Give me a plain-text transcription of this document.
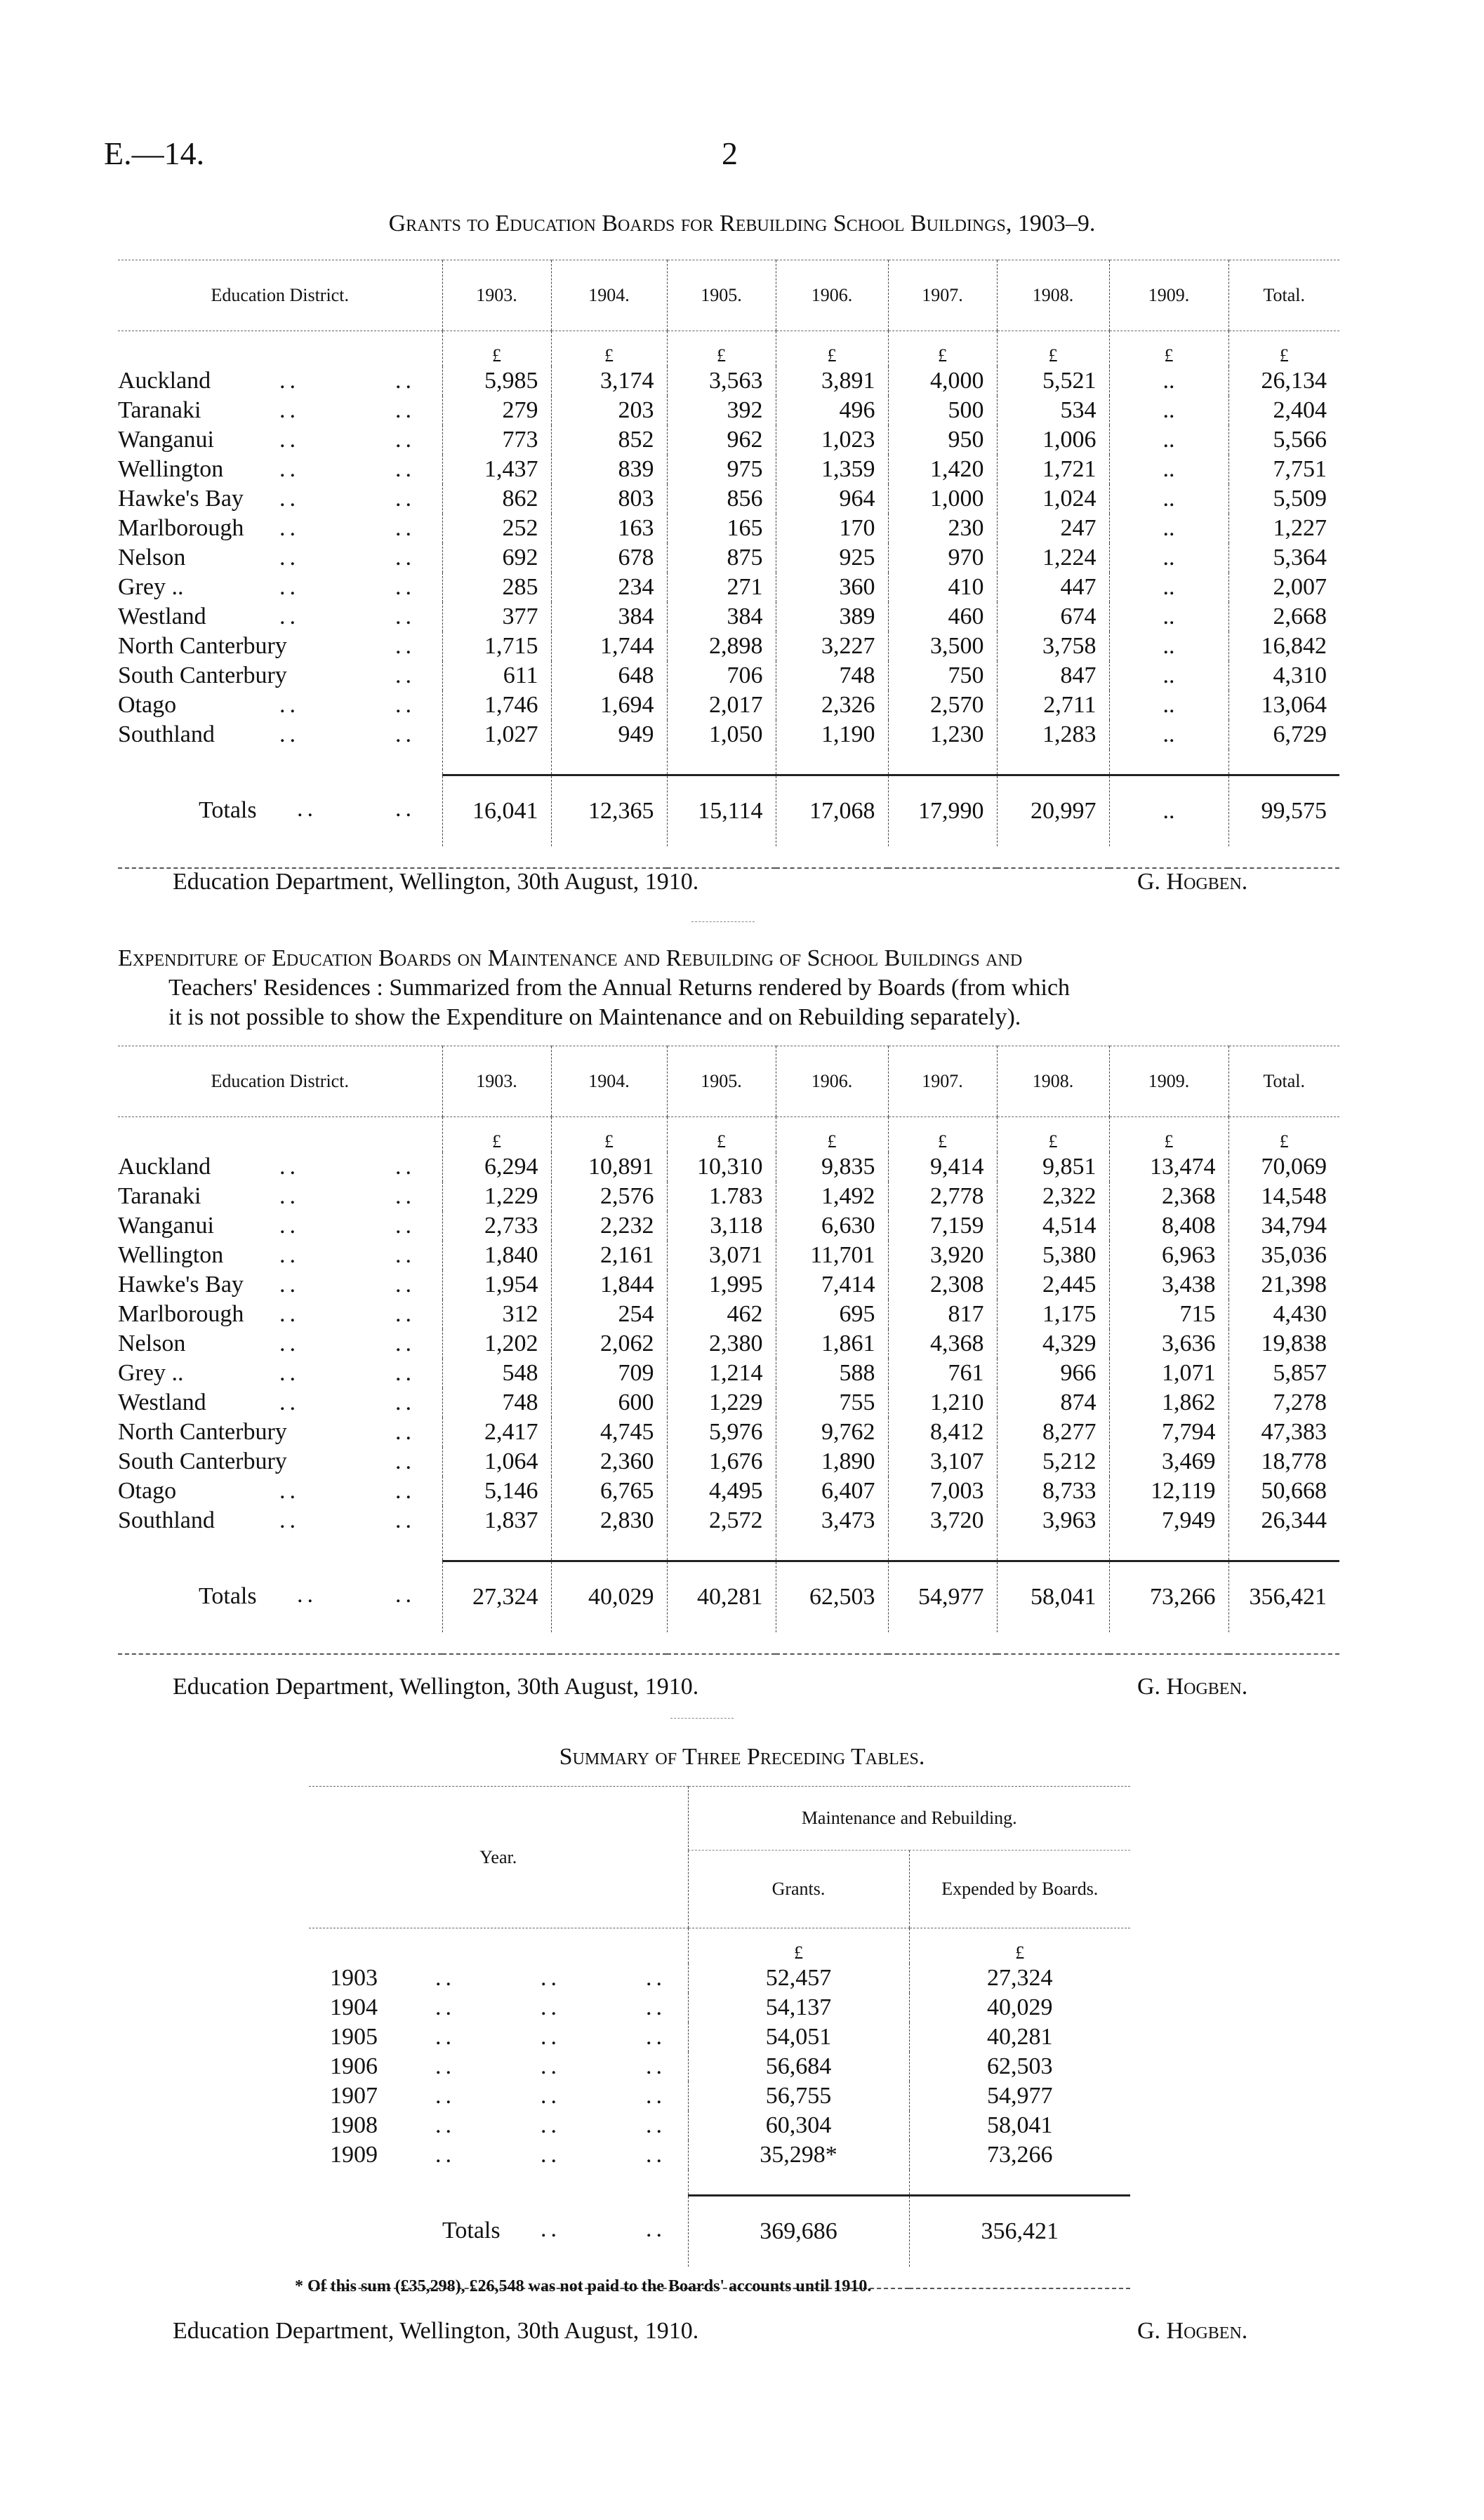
E.—14.	2
Grants to Education Boards for Rebuilding School Buildings, 1903–9.
Education District.	1903.	1904.	1905.	1906.	1907.	1908.	1909.	Total.
	£	£	£	£	£	£	£	£
Auckland .. ..	5,985	3,174	3,563	3,891	4,000	5,521	..	26,134
Taranaki .. ..	279	203	392	496	500	534	..	2,404
Wanganui .. ..	773	852	962	1,023	950	1,006	..	5,566
Wellington .. ..	1,437	839	975	1,359	1,420	1,721	..	7,751
Hawke's Bay .. ..	862	803	856	964	1,000	1,024	..	5,509
Marlborough .. ..	252	163	165	170	230	247	..	1,227
Nelson .. ..	692	678	875	925	970	1,224	..	5,364
Grey .. .. ..	285	234	271	360	410	447	..	2,007
Westland .. ..	377	384	384	389	460	674	..	2,668
North Canterbury ..	1,715	1,744	2,898	3,227	3,500	3,758	..	16,842
South Canterbury ..	611	648	706	748	750	847	..	4,310
Otago .. ..	1,746	1,694	2,017	2,326	2,570	2,711	..	13,064
Southland .. ..	1,027	949	1,050	1,190	1,230	1,283	..	6,729

Totals .. ..	16,041	12,365	15,114	17,068	17,990	20,997	..	99,575

Education Department, Wellington, 30th August, 1910.	G. Hogben.
Expenditure of Education Boards on Maintenance and Rebuilding of School Buildings and
Teachers' Residences : Summarized from the Annual Returns rendered by Boards (from which
it is not possible to show the Expenditure on Maintenance and on Rebuilding separately).
Education District.	1903.	1904.	1905.	1906.	1907.	1908.	1909.	Total.
	£	£	£	£	£	£	£	£
Auckland .. ..	6,294	10,891	10,310	9,835	9,414	9,851	13,474	70,069
Taranaki .. ..	1,229	2,576	1.783	1,492	2,778	2,322	2,368	14,548
Wanganui .. ..	2,733	2,232	3,118	6,630	7,159	4,514	8,408	34,794
Wellington .. ..	1,840	2,161	3,071	11,701	3,920	5,380	6,963	35,036
Hawke's Bay .. ..	1,954	1,844	1,995	7,414	2,308	2,445	3,438	21,398
Marlborough .. ..	312	254	462	695	817	1,175	715	4,430
Nelson .. ..	1,202	2,062	2,380	1,861	4,368	4,329	3,636	19,838
Grey .. .. ..	548	709	1,214	588	761	966	1,071	5,857
Westland .. ..	748	600	1,229	755	1,210	874	1,862	7,278
North Canterbury ..	2,417	4,745	5,976	9,762	8,412	8,277	7,794	47,383
South Canterbury ..	1,064	2,360	1,676	1,890	3,107	5,212	3,469	18,778
Otago .. ..	5,146	6,765	4,495	6,407	7,003	8,733	12,119	50,668
Southland .. ..	1,837	2,830	2,572	3,473	3,720	3,963	7,949	26,344

Totals .. ..	27,324	40,029	40,281	62,503	54,977	58,041	73,266	356,421

Education Department, Wellington, 30th August, 1910.	G. Hogben.
Summary of Three Preceding Tables.
Year.	Maintenance and Rebuilding.	
	Grants.	Expended by Boards.
	£	£
1903 .. .. ..	52,457	27,324
1904 .. .. ..	54,137	40,029
1905 .. .. ..	54,051	40,281
1906 .. .. ..	56,684	62,503
1907 .. .. ..	56,755	54,977
1908 .. .. ..	60,304	58,041
1909 .. .. ..	35,298*	73,266

Totals .. ..	369,686	356,421

* Of this sum (£35,298), £26,548 was not paid to the Boards' accounts until 1910.
Education Department, Wellington, 30th August, 1910.	G. Hogben.
